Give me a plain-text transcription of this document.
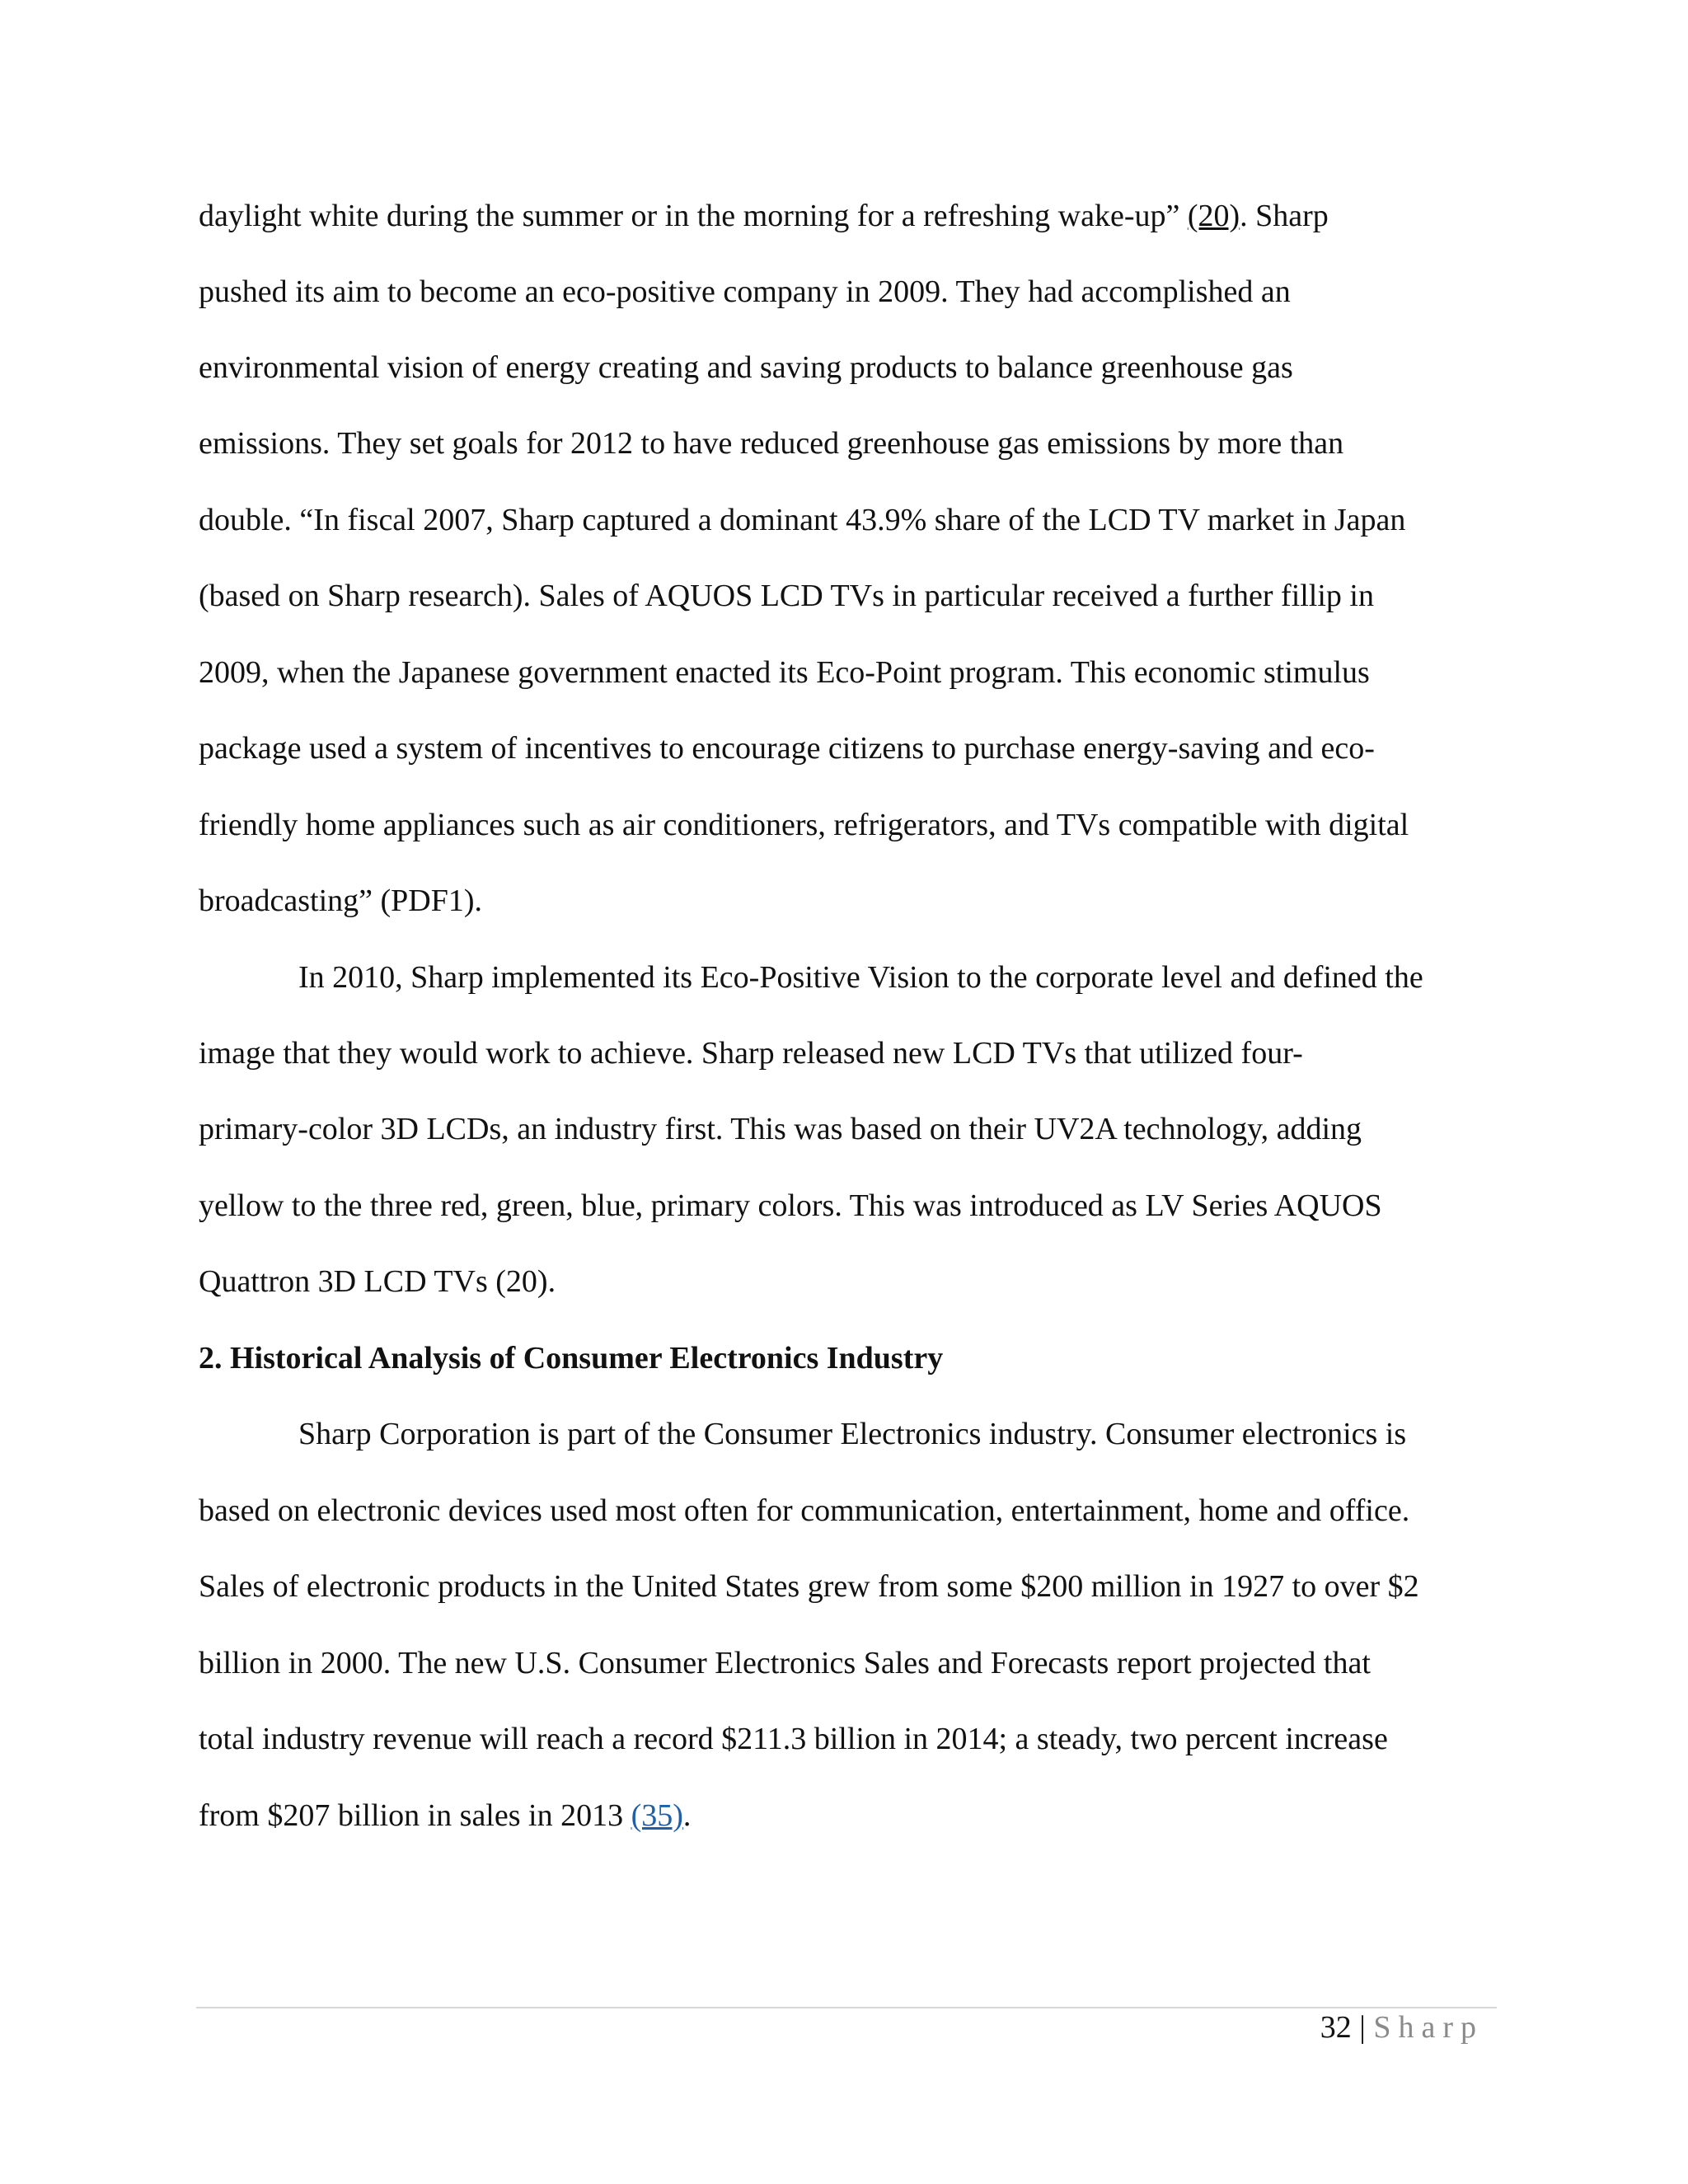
daylight white during the summer or in the morning for a refreshing wake-up” (20). Sharp
pushed its aim to become an eco-positive company in 2009. They had accomplished an
environmental vision of energy creating and saving products to balance greenhouse gas
emissions. They set goals for 2012 to have reduced greenhouse gas emissions by more than
double. “In fiscal 2007, Sharp captured a dominant 43.9% share of the LCD TV market in Japan
(based on Sharp research). Sales of AQUOS LCD TVs in particular received a further fillip in
2009, when the Japanese government enacted its Eco-Point program. This economic stimulus
package used a system of incentives to encourage citizens to purchase energy-saving and eco-
friendly home appliances such as air conditioners, refrigerators, and TVs compatible with digital
broadcasting” (PDF1).
In 2010, Sharp implemented its Eco-Positive Vision to the corporate level and defined the
image that they would work to achieve. Sharp released new LCD TVs that utilized four-
primary-color 3D LCDs, an industry first. This was based on their UV2A technology, adding
yellow to the three red, green, blue, primary colors. This was introduced as LV Series AQUOS
Quattron 3D LCD TVs (20).
2. Historical Analysis of Consumer Electronics Industry
Sharp Corporation is part of the Consumer Electronics industry. Consumer electronics is
based on electronic devices used most often for communication, entertainment, home and office.
Sales of electronic products in the United States grew from some $200 million in 1927 to over $2
billion in 2000. The new U.S. Consumer Electronics Sales and Forecasts report projected that
total industry revenue will reach a record $211.3 billion in 2014; a steady, two percent increase
from $207 billion in sales in 2013 (35).
32 | Sharp
